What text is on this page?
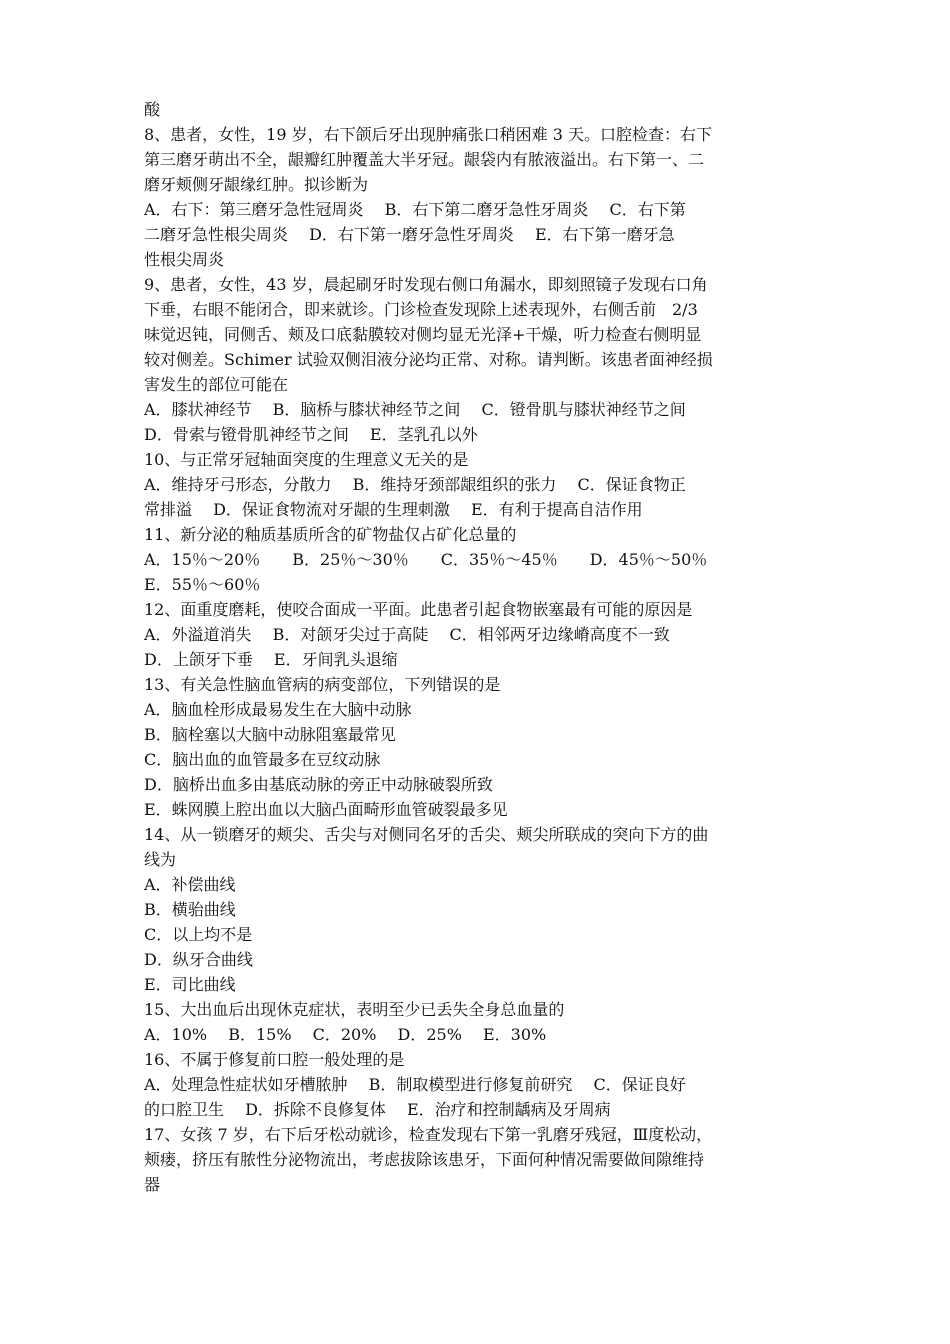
酸
8、患者，女性，19 岁，右下颌后牙出现肿痛张口稍困难 3 天。口腔检查：右下
第三磨牙萌出不全，龈瓣红肿覆盖大半牙冠。龈袋内有脓液溢出。右下第一、二
磨牙颊侧牙龈缘红肿。拟诊断为
A．右下：第三磨牙急性冠周炎　 B．右下第二磨牙急性牙周炎　 C．右下第
二磨牙急性根尖周炎　 D．右下第一磨牙急性牙周炎　 E．右下第一磨牙急
性根尖周炎
9、患者，女性，43 岁，晨起刷牙时发现右侧口角漏水，即刻照镜子发现右口角
下垂，右眼不能闭合，即来就诊。门诊检查发现除上述表现外，右侧舌前　2/3
味觉迟钝，同侧舌、颊及口底黏膜较对侧均显无光泽+干燥，听力检查右侧明显
较对侧差。Schimer 试验双侧泪液分泌均正常、对称。请判断。该患者面神经损
害发生的部位可能在
A．膝状神经节　 B．脑桥与膝状神经节之间　 C．镫骨肌与膝状神经节之间
D．骨索与镫骨肌神经节之间　 E．茎乳孔以外
10、与正常牙冠轴面突度的生理意义无关的是
A．维持牙弓形态，分散力　 B．维持牙颈部龈组织的张力　 C．保证食物正
常排溢　 D．保证食物流对牙龈的生理刺激　 E．有利于提高自洁作用
11、新分泌的釉质基质所含的矿物盐仅占矿化总量的
A．15％～20％　　B．25％～30％　　C．35％～45％　　D．45％～50％
E．55％～60％
12、面重度磨耗，使咬合面成一平面。此患者引起食物嵌塞最有可能的原因是
A．外溢道消失　 B．对颌牙尖过于高陡　 C．相邻两牙边缘嵴高度不一致
D．上颌牙下垂　 E．牙间乳头退缩
13、有关急性脑血管病的病变部位，下列错误的是
A．脑血栓形成最易发生在大脑中动脉
B．脑栓塞以大脑中动脉阻塞最常见
C．脑出血的血管最多在豆纹动脉
D．脑桥出血多由基底动脉的旁正中动脉破裂所致
E．蛛网膜上腔出血以大脑凸面畸形血管破裂最多见
14、从一锁磨牙的颊尖、舌尖与对侧同名牙的舌尖、颊尖所联成的突向下方的曲
线为
A．补偿曲线
B．横骀曲线
C．以上均不是
D．纵牙合曲线
E．司比曲线
15、大出血后出现休克症状，表明至少已丢失全身总血量的
A．10%　 B．15%　 C．20%　 D．25%　 E．30%
16、不属于修复前口腔一般处理的是
A．处理急性症状如牙槽脓肿　 B．制取模型进行修复前研究　 C．保证良好
的口腔卫生　 D．拆除不良修复体　 E．治疗和控制龋病及牙周病
17、女孩 7 岁，右下后牙松动就诊，检查发现右下第一乳磨牙残冠，Ⅲ度松动，
颊瘘，挤压有脓性分泌物流出，考虑拔除该患牙，下面何种情况需要做间隙维持
器
